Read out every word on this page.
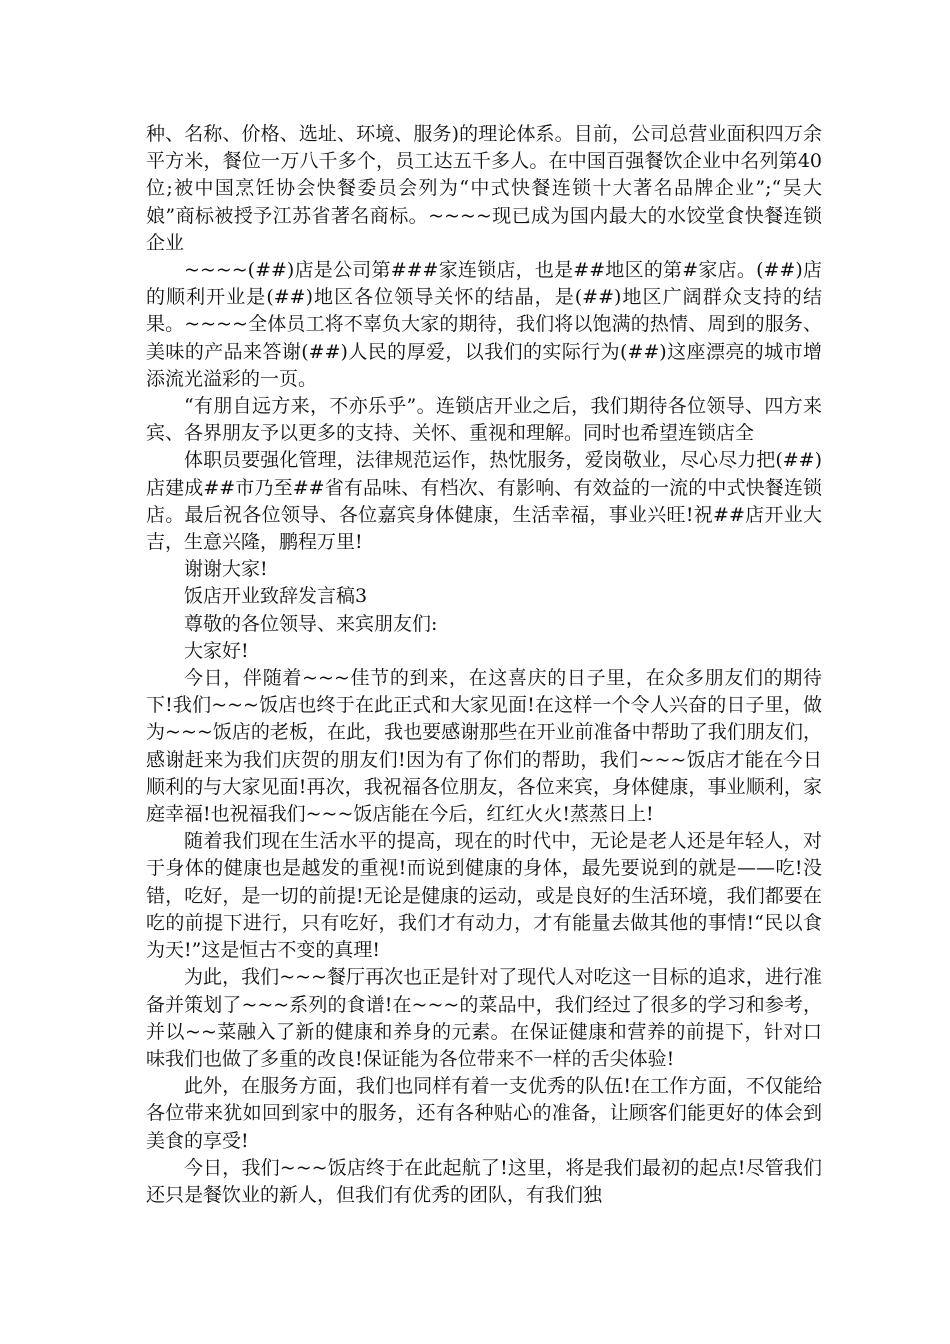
种、名称、价格、选址、环境、服务)的理论体系。目前，公司总营业面积四万余平方米，餐位一万八千多个，员工达五千多人。在中国百强餐饮企业中名列第40位;被中国烹饪协会快餐委员会列为“中式快餐连锁十大著名品牌企业”;“吴大娘”商标被授予江苏省著名商标。~~~~现已成为国内最大的水饺堂食快餐连锁企业

~~~~(##)店是公司第###家连锁店，也是##地区的第#家店。(##)店的顺利开业是(##)地区各位领导关怀的结晶，是(##)地区广阔群众支持的结果。~~~~全体员工将不辜负大家的期待，我们将以饱满的热情、周到的服务、美味的产品来答谢(##)人民的厚爱，以我们的实际行为(##)这座漂亮的城市增添流光溢彩的一页。

“有朋自远方来，不亦乐乎”。连锁店开业之后，我们期待各位领导、四方来宾、各界朋友予以更多的支持、关怀、重视和理解。同时也希望连锁店全

体职员要强化管理，法律规范运作，热忱服务，爱岗敬业，尽心尽力把(##)店建成##市乃至##省有品味、有档次、有影响、有效益的一流的中式快餐连锁店。最后祝各位领导、各位嘉宾身体健康，生活幸福，事业兴旺!祝##店开业大吉，生意兴隆，鹏程万里!

谢谢大家!

饭店开业致辞发言稿3

尊敬的各位领导、来宾朋友们:

大家好!

今日，伴随着~~~佳节的到来，在这喜庆的日子里，在众多朋友们的期待下!我们~~~饭店也终于在此正式和大家见面!在这样一个令人兴奋的日子里，做为~~~饭店的老板，在此，我也要感谢那些在开业前准备中帮助了我们朋友们，感谢赶来为我们庆贺的朋友们!因为有了你们的帮助，我们~~~饭店才能在今日顺利的与大家见面!再次，我祝福各位朋友，各位来宾，身体健康，事业顺利，家庭幸福!也祝福我们~~~饭店能在今后，红红火火!蒸蒸日上!

随着我们现在生活水平的提高，现在的时代中，无论是老人还是年轻人，对于身体的健康也是越发的重视!而说到健康的身体，最先要说到的就是——吃!没错，吃好，是一切的前提!无论是健康的运动，或是良好的生活环境，我们都要在吃的前提下进行，只有吃好，我们才有动力，才有能量去做其他的事情!“民以食为天!”这是恒古不变的真理!

为此，我们~~~餐厅再次也正是针对了现代人对吃这一目标的追求，进行准备并策划了~~~系列的食谱!在~~~的菜品中，我们经过了很多的学习和参考，并以~~菜融入了新的健康和养身的元素。在保证健康和营养的前提下，针对口味我们也做了多重的改良!保证能为各位带来不一样的舌尖体验!

此外，在服务方面，我们也同样有着一支优秀的队伍!在工作方面，不仅能给各位带来犹如回到家中的服务，还有各种贴心的准备，让顾客们能更好的体会到美食的享受!

今日，我们~~~饭店终于在此起航了!这里，将是我们最初的起点!尽管我们还只是餐饮业的新人，但我们有优秀的团队，有我们独
